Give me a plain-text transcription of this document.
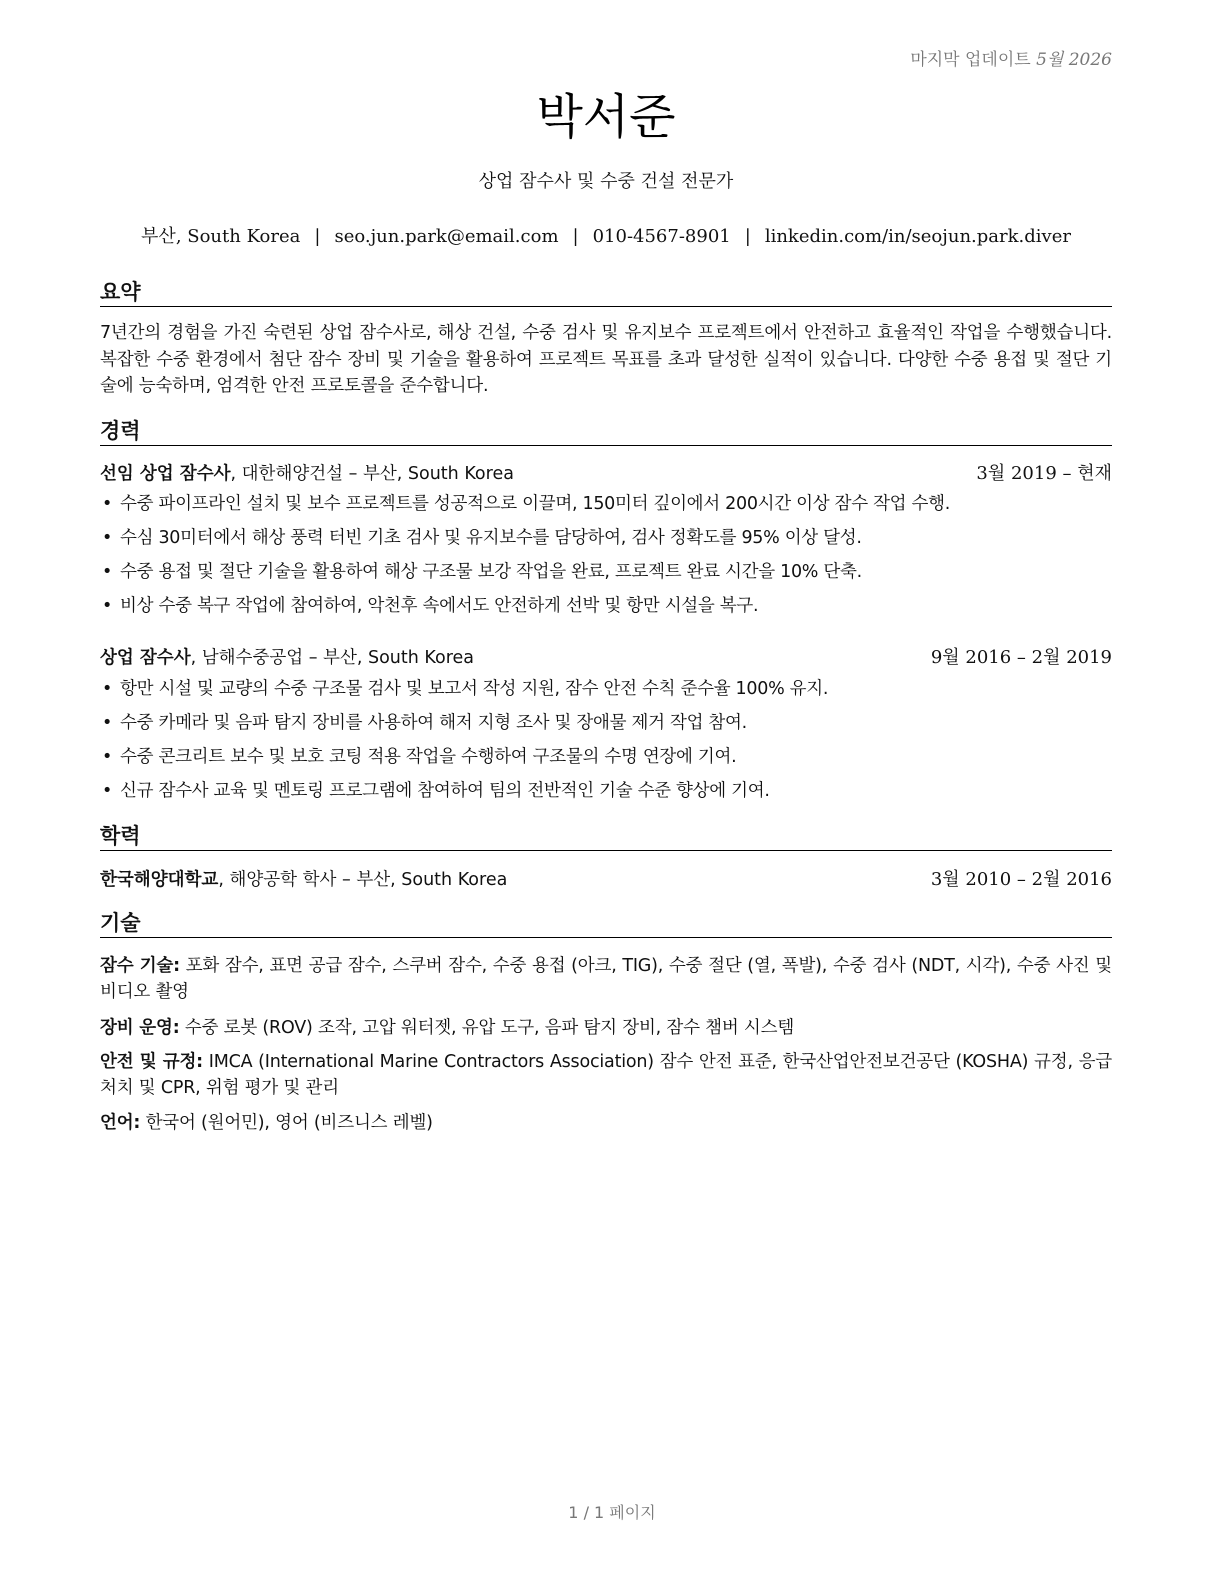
마지막 업데이트 5월 2026
박서준
상업 잠수사 및 수중 건설 전문가
부산, South Korea | seo.jun.park@email.com | 010-4567-8901 | linkedin.com/in/seojun.park.diver
요약
7년간의 경험을 가진 숙련된 상업 잠수사로, 해상 건설, 수중 검사 및 유지보수 프로젝트에서 안전하고 효율적인 작업을 수행했습니다. 복잡한 수중 환경에서 첨단 잠수 장비 및 기술을 활용하여 프로젝트 목표를 초과 달성한 실적이 있습니다. 다양한 수중 용접 및 절단 기술에 능숙하며, 엄격한 안전 프로토콜을 준수합니다.
경력
선임 상업 잠수사, 대한해양건설 – 부산, South Korea	3월 2019 – 현재
• 수중 파이프라인 설치 및 보수 프로젝트를 성공적으로 이끌며, 150미터 깊이에서 200시간 이상 잠수 작업 수행.
• 수심 30미터에서 해상 풍력 터빈 기초 검사 및 유지보수를 담당하여, 검사 정확도를 95% 이상 달성.
• 수중 용접 및 절단 기술을 활용하여 해상 구조물 보강 작업을 완료, 프로젝트 완료 시간을 10% 단축.
• 비상 수중 복구 작업에 참여하여, 악천후 속에서도 안전하게 선박 및 항만 시설을 복구.
상업 잠수사, 남해수중공업 – 부산, South Korea	9월 2016 – 2월 2019
• 항만 시설 및 교량의 수중 구조물 검사 및 보고서 작성 지원, 잠수 안전 수칙 준수율 100% 유지.
• 수중 카메라 및 음파 탐지 장비를 사용하여 해저 지형 조사 및 장애물 제거 작업 참여.
• 수중 콘크리트 보수 및 보호 코팅 적용 작업을 수행하여 구조물의 수명 연장에 기여.
• 신규 잠수사 교육 및 멘토링 프로그램에 참여하여 팀의 전반적인 기술 수준 향상에 기여.
학력
한국해양대학교, 해양공학 학사 – 부산, South Korea	3월 2010 – 2월 2016
기술
잠수 기술: 포화 잠수, 표면 공급 잠수, 스쿠버 잠수, 수중 용접 (아크, TIG), 수중 절단 (열, 폭발), 수중 검사 (NDT, 시각), 수중 사진 및 비디오 촬영
장비 운영: 수중 로봇 (ROV) 조작, 고압 워터젯, 유압 도구, 음파 탐지 장비, 잠수 챔버 시스템
안전 및 규정: IMCA (International Marine Contractors Association) 잠수 안전 표준, 한국산업안전보건공단 (KOSHA) 규정, 응급처치 및 CPR, 위험 평가 및 관리
언어: 한국어 (원어민), 영어 (비즈니스 레벨)
1 / 1 페이지
